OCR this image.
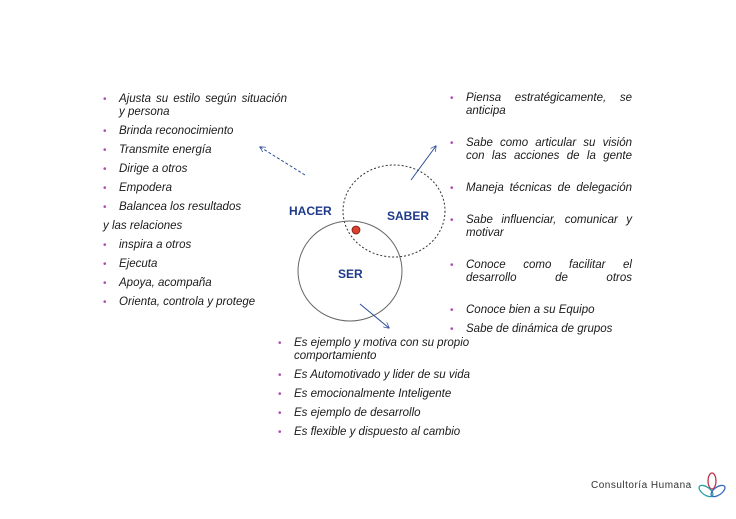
HACER	SABER
SER
• Ajusta su estilo según situación y persona
• Brinda reconocimiento
• Transmite energía
• Dirige a otros
• Empodera
• Balancea los resultados
y las relaciones
• inspira a otros
• Ejecuta
• Apoya, acompaña
• Orienta, controla y protege
• Piensa estratégicamente, se anticipa
• Sabe como articular su visión con las acciones de la gente
• Maneja técnicas de delegación
• Sabe influenciar, comunicar y motivar
• Conoce como facilitar el desarrollo de otros
• Conoce bien a su Equipo
• Sabe de dinámica de grupos
• Es ejemplo y motiva con su propio comportamiento
• Es Automotivado y lider de su vida
• Es emocionalmente Inteligente
• Es ejemplo de desarrollo
• Es flexible y dispuesto al cambio
Consultoría Humana
